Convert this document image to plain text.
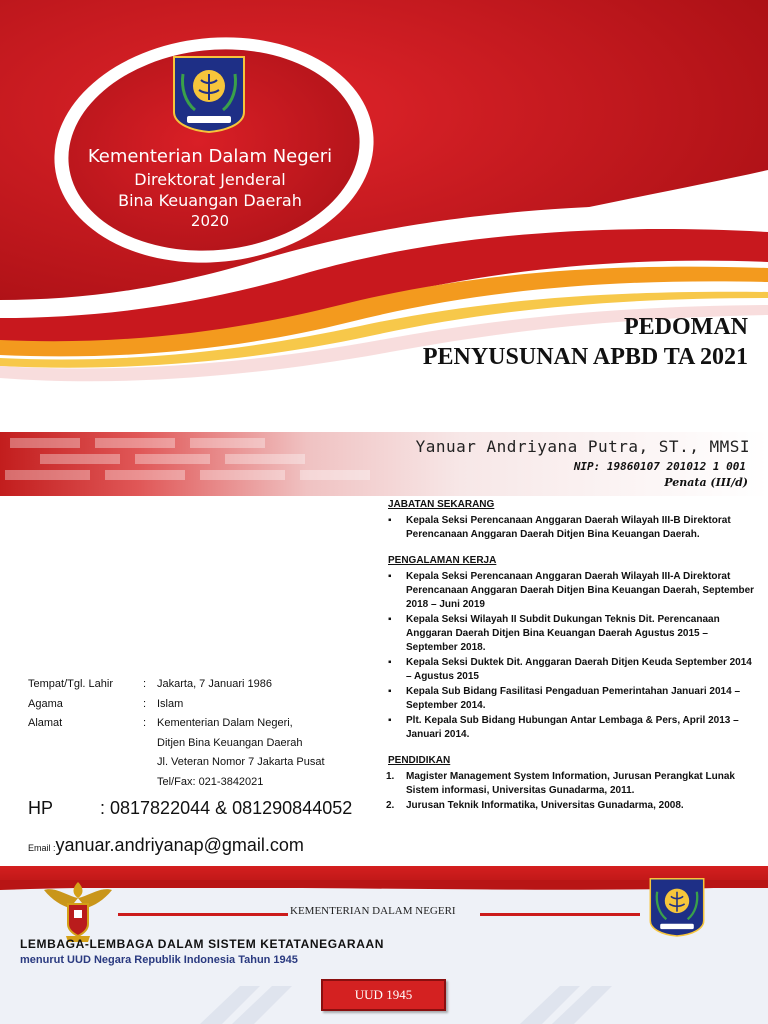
Kementerian Dalam Negeri
Direktorat Jenderal
Bina Keuangan Daerah
2020
PEDOMAN
PENYUSUNAN APBD TA 2021
Yanuar Andriyana Putra, ST., MMSI
NIP: 19860107 201012 1 001
Penata (III/d)
Tempat/Tgl. Lahir	: Jakarta, 7 Januari 1986
Agama	: Islam
Alamat	: Kementerian Dalam Negeri,
Ditjen Bina Keuangan Daerah
Jl. Veteran Nomor 7 Jakarta Pusat
Tel/Fax: 021-3842021
HP	: 0817822044 & 081290844052
Email : yanuar.andriyanap@gmail.com
JABATAN SEKARANG
▪ Kepala Seksi Perencanaan Anggaran Daerah Wilayah III-B Direktorat Perencanaan Anggaran Daerah Ditjen Bina Keuangan Daerah.
PENGALAMAN KERJA
▪ Kepala Seksi Perencanaan Anggaran Daerah Wilayah III-A Direktorat Perencanaan Anggaran Daerah Ditjen Bina Keuangan Daerah, September 2018 – Juni 2019
▪ Kepala Seksi Wilayah II Subdit Dukungan Teknis Dit. Perencanaan Anggaran Daerah Ditjen Bina Keuangan Daerah Agustus 2015 – September 2018.
▪ Kepala Seksi Duktek Dit. Anggaran Daerah Ditjen Keuda September 2014 – Agustus 2015
▪ Kepala Sub Bidang Fasilitasi Pengaduan Pemerintahan Januari 2014 – September 2014.
▪ Plt. Kepala Sub Bidang Hubungan Antar Lembaga & Pers, April 2013 – Januari 2014.
PENDIDIKAN
1. Magister Management System Information, Jurusan Perangkat Lunak Sistem informasi, Universitas Gunadarma, 2011.
2. Jurusan Teknik Informatika, Universitas Gunadarma, 2008.
KEMENTERIAN DALAM NEGERI
LEMBAGA-LEMBAGA DALAM SISTEM KETATANEGARAAN
menurut UUD Negara Republik Indonesia Tahun 1945
UUD 1945
